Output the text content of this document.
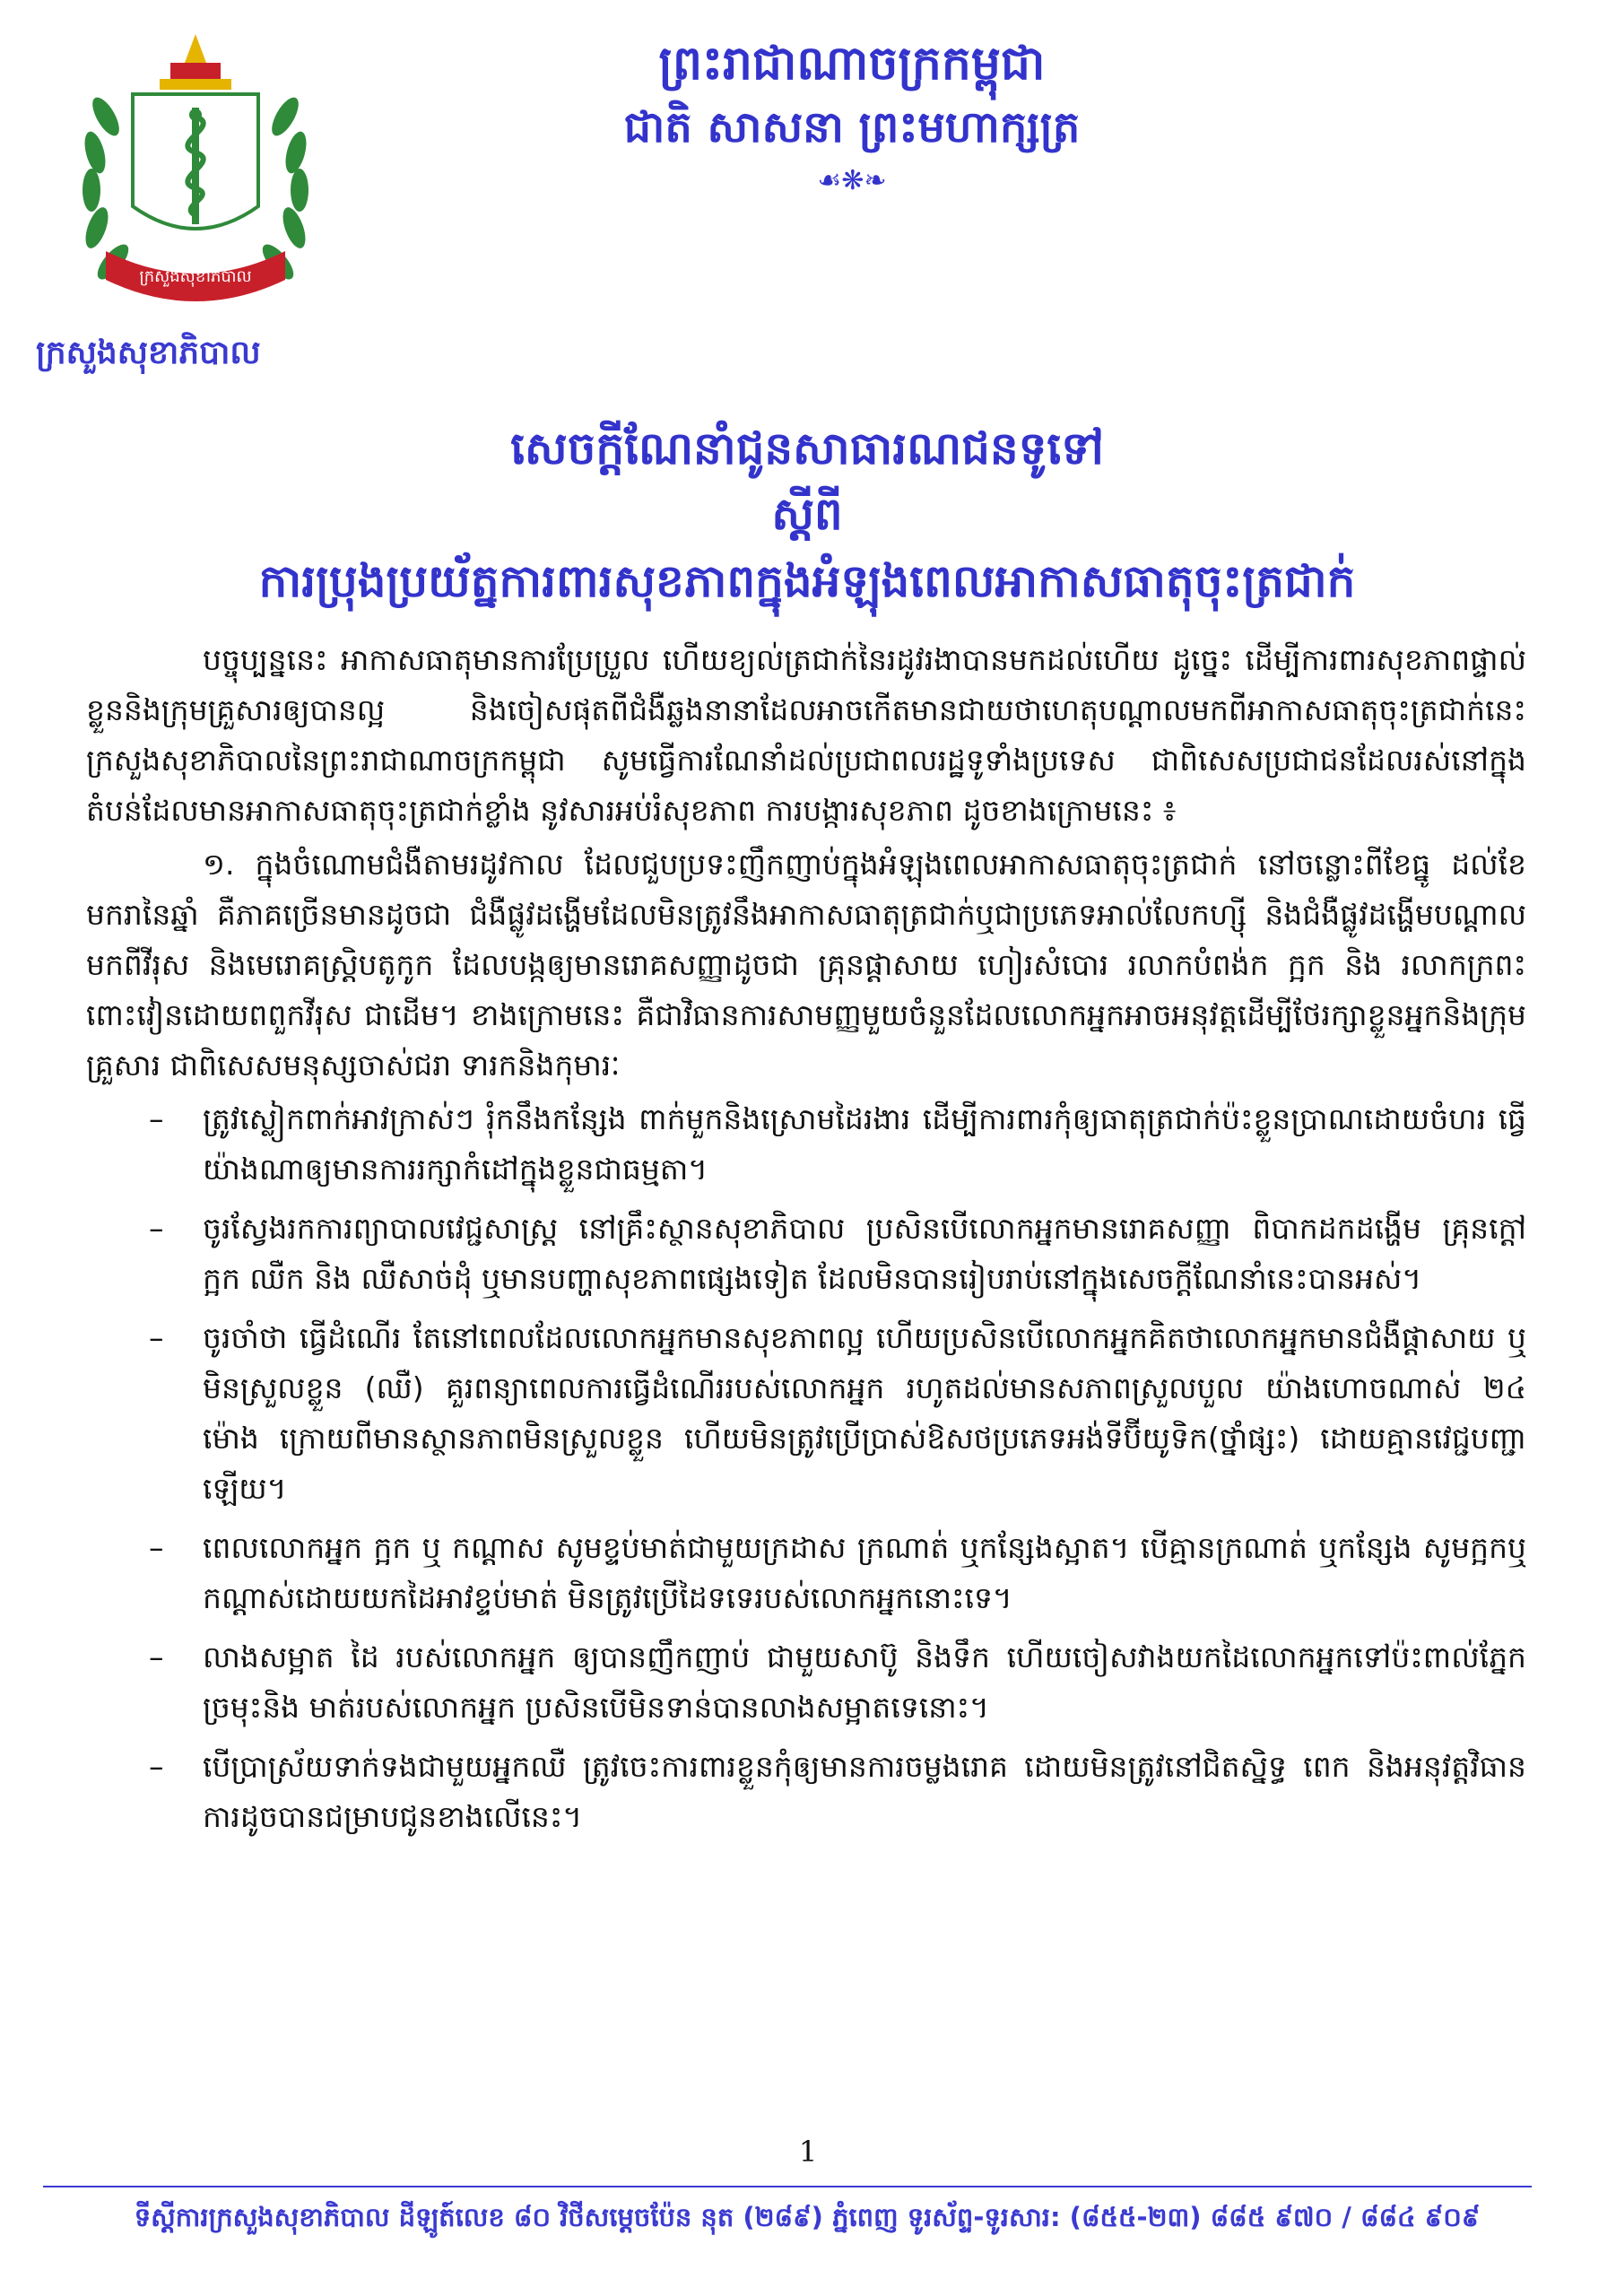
ក្រសួងសុខាភិបាល
ក្រសួងសុខាភិបាល
ព្រះរាជាណាចក្រកម្ពុជា
ជាតិ សាសនា ព្រះមហាក្សត្រ
☙❋❧
សេចក្ដីណែនាំជូនសាធារណជនទូទៅ
ស្ដីពី
ការប្រុងប្រយ័ត្នការពារសុខភាពក្នុងអំឡុងពេលអាកាសធាតុចុះត្រជាក់

បច្ចុប្បន្ននេះ អាកាសធាតុមានការប្រែប្រួល ហើយខ្យល់ត្រជាក់នៃរដូវរងាបានមកដល់ហើយ ដូច្នេះ ដើម្បីការពារសុខភាពផ្ទាល់ខ្លួននិងក្រុមគ្រួសារឲ្យបានល្អ និងចៀសផុតពីជំងឺឆ្លងនានាដែលអាចកើតមានជាយថាហេតុបណ្ដាលមកពីអាកាសធាតុចុះត្រជាក់នេះ ក្រសួងសុខាភិបាលនៃព្រះរាជាណាចក្រកម្ពុជា សូមធ្វើការណែនាំដល់ប្រជាពលរដ្ឋទូទាំងប្រទេស ជាពិសេសប្រជាជនដែលរស់នៅក្នុងតំបន់ដែលមានអាកាសធាតុចុះត្រជាក់ខ្លាំង នូវសារអប់រំសុខភាព ការបង្ការសុខភាព ដូចខាងក្រោមនេះ ៖

១. ក្នុងចំណោមជំងឺតាមរដូវកាល ដែលជួបប្រទះញឹកញាប់ក្នុងអំឡុងពេលអាកាសធាតុចុះត្រជាក់ នៅចន្លោះពីខែធ្នូ ដល់ខែមករានៃឆ្នាំ គឺភាគច្រើនមានដូចជា ជំងឺផ្លូវដង្ហើមដែលមិនត្រូវនឹងអាកាសធាតុត្រជាក់ឬជាប្រភេទអាល់លែកហ្ស៊ី និងជំងឺផ្លូវដង្ហើមបណ្ដាលមកពីវីរុស និងមេរោគស្រ្ដិបតូកូក ដែលបង្កឲ្យមានរោគសញ្ញាដូចជា គ្រុនផ្ដាសាយ ហៀរសំបោរ រលាកបំពង់ក ក្អក និង រលាកក្រពះពោះវៀនដោយពពួកវីរុស ជាដើម។ ខាងក្រោមនេះ គឺជាវិធានការសាមញ្ញមួយចំនួនដែលលោកអ្នកអាចអនុវត្តដើម្បីថែរក្សាខ្លួនអ្នកនិងក្រុមគ្រួសារ ជាពិសេសមនុស្សចាស់ជរា ទារកនិងកុមារៈ

– ត្រូវស្លៀកពាក់អាវក្រាស់ៗ រុំកនឹងកន្សែង ពាក់មួកនិងស្រោមដៃរងារ ដើម្បីការពារកុំឲ្យធាតុត្រជាក់ប៉ះខ្លួនប្រាណដោយចំហរ ធ្វើយ៉ាងណាឲ្យមានការរក្សាកំដៅក្នុងខ្លួនជាធម្មតា។
– ចូរស្វែងរកការព្យាបាលវេជ្ជសាស្រ្ដ នៅគ្រឹះស្ថានសុខាភិបាល ប្រសិនបើលោកអ្នកមានរោគសញ្ញា ពិបាកដកដង្ហើម គ្រុនក្ដៅ ក្អក ឈឺក និង ឈឺសាច់ដុំ ឬមានបញ្ហាសុខភាពផ្សេងទៀត ដែលមិនបានរៀបរាប់នៅក្នុងសេចក្ដីណែនាំនេះបានអស់។
– ចូរចាំថា ធ្វើដំណើរ តែនៅពេលដែលលោកអ្នកមានសុខភាពល្អ ហើយប្រសិនបើលោកអ្នកគិតថាលោកអ្នកមានជំងឺផ្ដាសាយ ឬ មិនស្រួលខ្លួន (ឈឺ) គួរពន្យាពេលការធ្វើដំណើររបស់លោកអ្នក រហូតដល់មានសភាពស្រួលបួល យ៉ាងហោចណាស់ ២៤ ម៉ោង ក្រោយពីមានស្ថានភាពមិនស្រួលខ្លួន ហើយមិនត្រូវប្រើប្រាស់ឱសថប្រភេទអង់ទីប៊ីយូទិក(ថ្នាំផ្សះ) ដោយគ្មានវេជ្ជបញ្ជាឡើយ។
– ពេលលោកអ្នក ក្អក ឬ កណ្ដាស សូមខ្ទប់មាត់ជាមួយក្រដាស ក្រណាត់ ឬកន្សែងស្អាត។ បើគ្មានក្រណាត់ ឬកន្សែង សូមក្អកឬ កណ្ដាស់ដោយយកដៃអាវខ្ទប់មាត់ មិនត្រូវប្រើដៃទទេរបស់លោកអ្នកនោះទេ។
– លាងសម្អាត ដៃ របស់លោកអ្នក ឲ្យបានញឹកញាប់ ជាមួយសាប៊ូ និងទឹក ហើយចៀសវាងយកដៃលោកអ្នកទៅប៉ះពាល់ភ្នែក ច្រមុះនិង មាត់របស់លោកអ្នក ប្រសិនបើមិនទាន់បានលាងសម្អាតទេនោះ។
– បើប្រាស្រ័យទាក់ទងជាមួយអ្នកឈឺ ត្រូវចេះការពារខ្លួនកុំឲ្យមានការចម្លងរោគ ដោយមិនត្រូវនៅជិតស្និទ្ធ ពេក និងអនុវត្តវិធានការដូចបានជម្រាបជូនខាងលើនេះ។
1
ទីស្ដីការក្រសួងសុខាភិបាល ដីឡូត៍លេខ ៨០ វិថីសម្ដេចប៉ែន នុត (២៨៩) ភ្នំពេញ ទូរស័ព្ទ-ទូរសារ: (៨៥៥-២៣) ៨៨៥ ៩៧០ / ៨៨៤ ៩០៩
